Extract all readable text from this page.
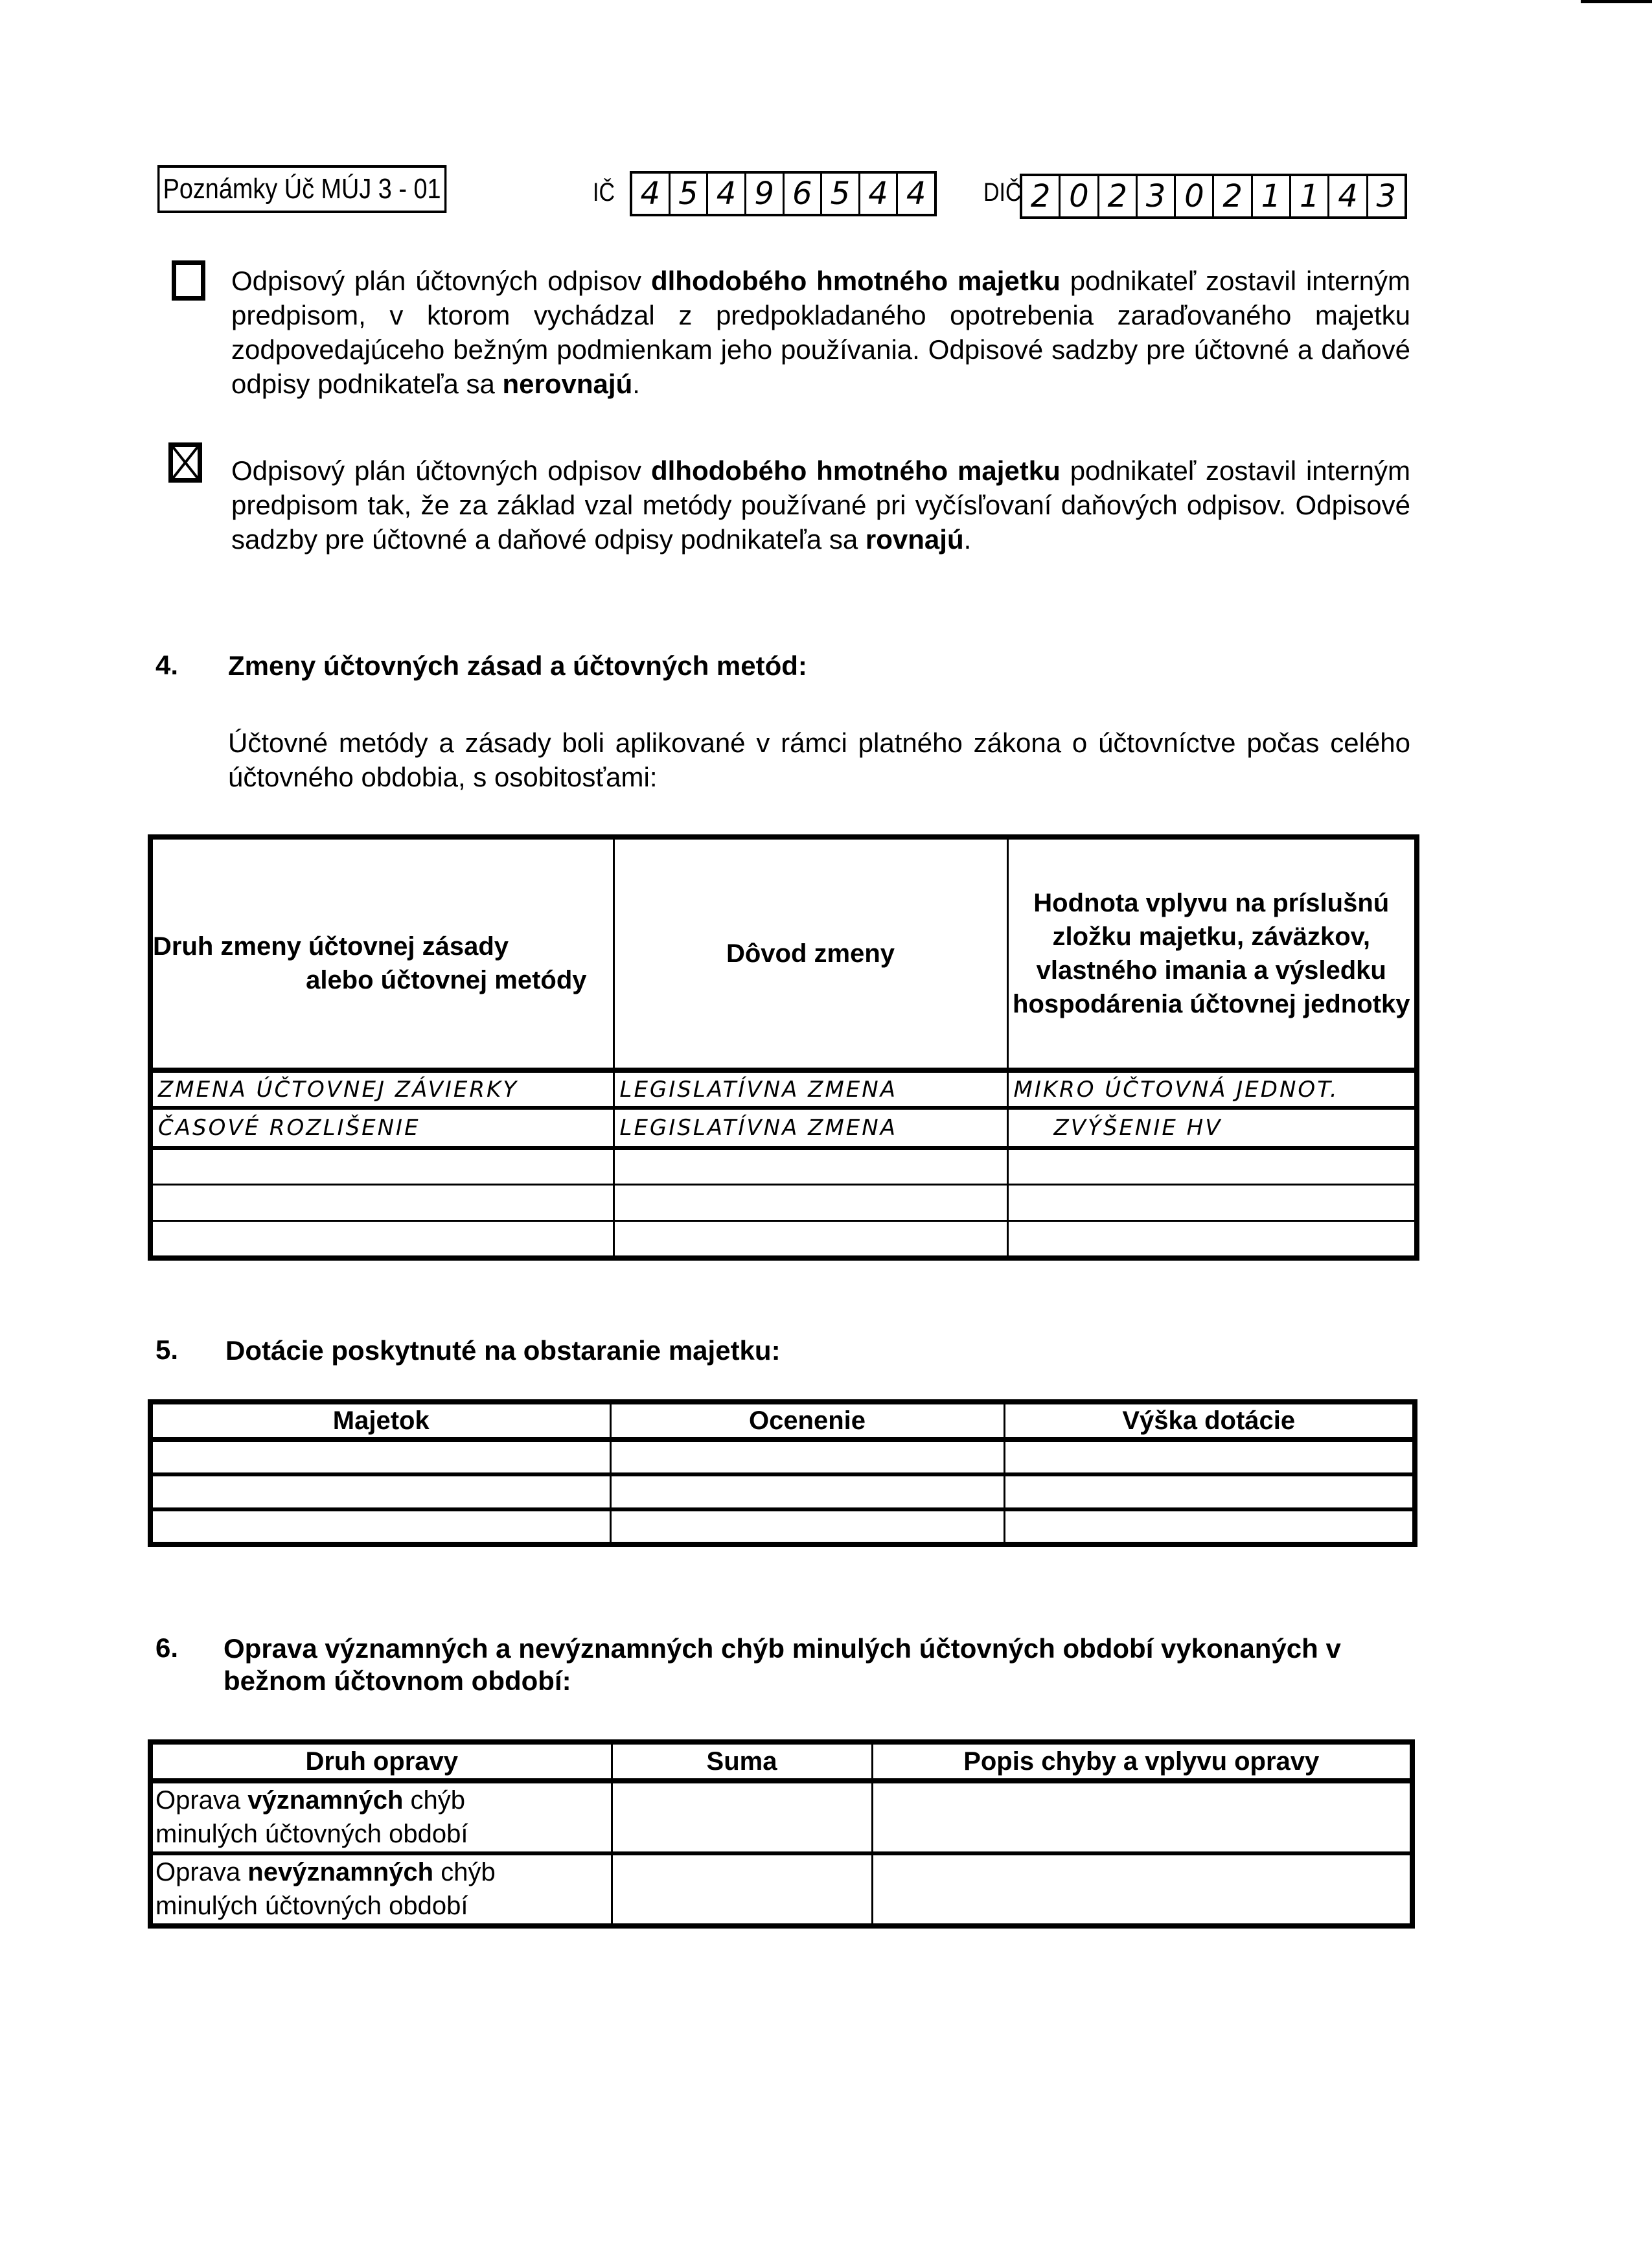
Poznámky Úč MÚJ 3 - 01	IČ 4 5 4 9 6 5 4 4	DIČ 2 0 2 3 0 2 1 1 4 3
Odpisový plán účtovných odpisov dlhodobého hmotného majetku podnikateľ zostavil interným predpisom, v ktorom vychádzal z predpokladaného opotrebenia zaraďovaného majetku zodpovedajúceho bežným podmienkam jeho používania. Odpisové sadzby pre účtovné a daňové odpisy podnikateľa sa nerovnajú.
Odpisový plán účtovných odpisov dlhodobého hmotného majetku podnikateľ zostavil interným predpisom tak, že za základ vzal metódy používané pri vyčísľovaní daňových odpisov. Odpisové sadzby pre účtovné a daňové odpisy podnikateľa sa rovnajú.
4. Zmeny účtovných zásad a účtovných metód:
Účtovné metódy a zásady boli aplikované v rámci platného zákona o účtovníctve počas celého účtovného obdobia, s osobitosťami:
Druh zmeny účtovnej zásady
alebo účtovnej metódy	Dôvod zmeny	Hodnota vplyvu na príslušnú zložku majetku, záväzkov, vlastného imania a výsledku hospodárenia účtovnej jednotky

ZMENA ÚČTOVNEJ ZÁVIERKY	LEGISLATÍVNA ZMENA	MIKRO ÚČTOVNÁ JEDNOT.

ČASOVÉ ROZLIŠENIE	LEGISLATÍVNA ZMENA	ZVÝŠENIE HV

5. Dotácie poskytnuté na obstaranie majetku:
Majetok	Ocenenie	Výška dotácie

6. Oprava významných a nevýznamných chýb minulých účtovných období vykonaných v bežnom účtovnom období:
Druh opravy	Suma	Popis chyby a vplyvu opravy

Oprava významných chýb
minulých účtovných období		

Oprava nevýznamných chýb
minulých účtovných období		
